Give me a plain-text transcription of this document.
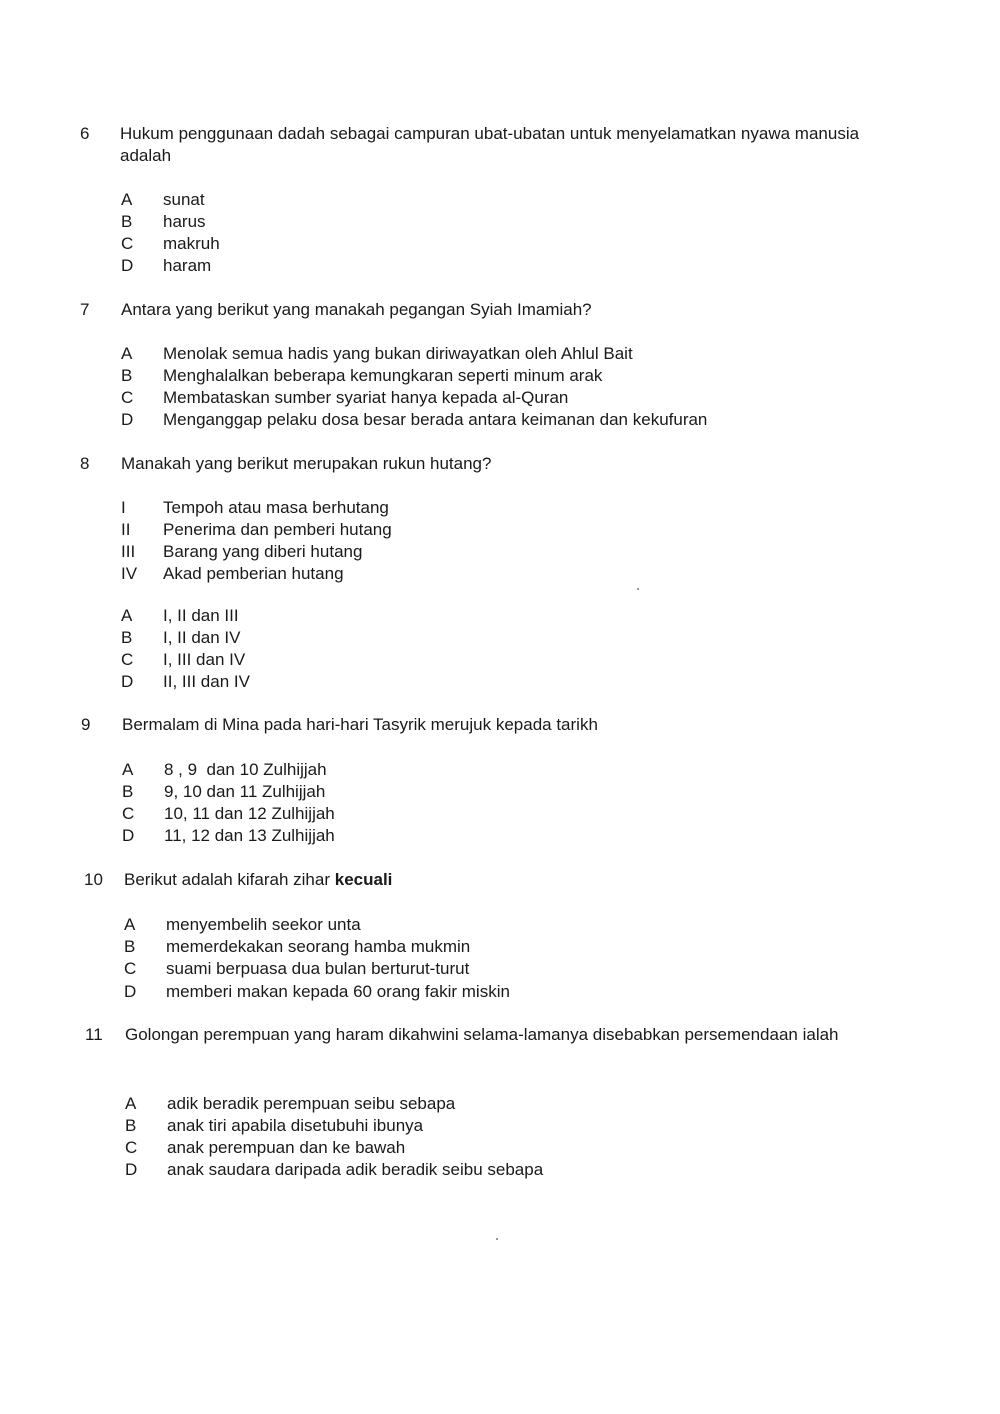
6 Hukum penggunaan dadah sebagai campuran ubat-ubatan untuk menyelamatkan nyawa manusia adalah
A sunat
B harus
C makruh
D haram
7 Antara yang berikut yang manakah pegangan Syiah Imamiah?
A Menolak semua hadis yang bukan diriwayatkan oleh Ahlul Bait
B Menghalalkan beberapa kemungkaran seperti minum arak
C Membataskan sumber syariat hanya kepada al-Quran
D Menganggap pelaku dosa besar berada antara keimanan dan kekufuran
8 Manakah yang berikut merupakan rukun hutang?
I Tempoh atau masa berhutang
II Penerima dan pemberi hutang
III Barang yang diberi hutang
IV Akad pemberian hutang
A I, II dan III
B I, II dan IV
C I, III dan IV
D II, III dan IV
9 Bermalam di Mina pada hari-hari Tasyrik merujuk kepada tarikh
A 8 , 9  dan 10 Zulhijjah
B 9, 10 dan 11 Zulhijjah
C 10, 11 dan 12 Zulhijjah
D 11, 12 dan 13 Zulhijjah
10 Berikut adalah kifarah zihar kecuali
A menyembelih seekor unta
B memerdekakan seorang hamba mukmin
C suami berpuasa dua bulan berturut-turut
D memberi makan kepada 60 orang fakir miskin
11 Golongan perempuan yang haram dikahwini selama-lamanya disebabkan persemendaan ialah
A adik beradik perempuan seibu sebapa
B anak tiri apabila disetubuhi ibunya
C anak perempuan dan ke bawah
D anak saudara daripada adik beradik seibu sebapa
